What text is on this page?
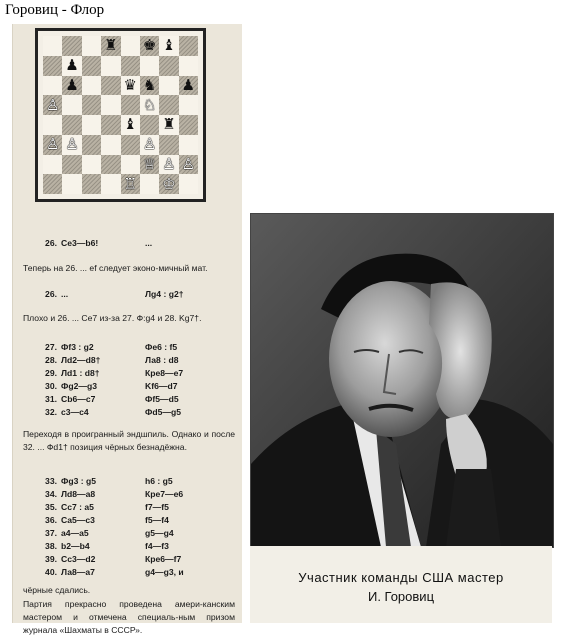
Горовиц - Флор
♜ ♚ ♝
♟
♟	♛ ♞ ♟
♙	♘
♝ ♜
♙ ♙	♙
♕ ♙ ♙
♖ ♔
26. Се3—b6!	...
Теперь на 26. ... ef следует эконо-мичный мат.
26. ...	Лg4 : g2†
Плохо и 26. ... Се7 из-за 27. Ф:g4 и 28. Kg7†.
27. Фf3 : g2	Фе6 : f5
28. Лd2—d8†	Ла8 : d8
29. Лd1 : d8†	Крe8—е7
30. Фg2—g3	Kf6—d7
31. Cb6—c7	Фf5—d5
32. c3—c4	Фd5—g5
Переходя в проигранный эндшпиль. Однако и после 32. ... Фd1† позиция чёрных безнадёжна.
33. Фg3 : g5	h6 : g5
34. Лd8—a8	Крe7—e6
35. Cc7 : a5	f7—f5
36. Ca5—c3	f5—f4
37. a4—a5	g5—g4
38. b2—b4	f4—f3
39. Cc3—d2	Крe6—f7
40. Ла8—а7	g4—g3, и
чёрные сдались.
Партия прекрасно проведена амери-канским мастером и отмечена специаль-ным призом журнала «Шахматы в СССР».
Участник команды США мастер
И. Горовиц
